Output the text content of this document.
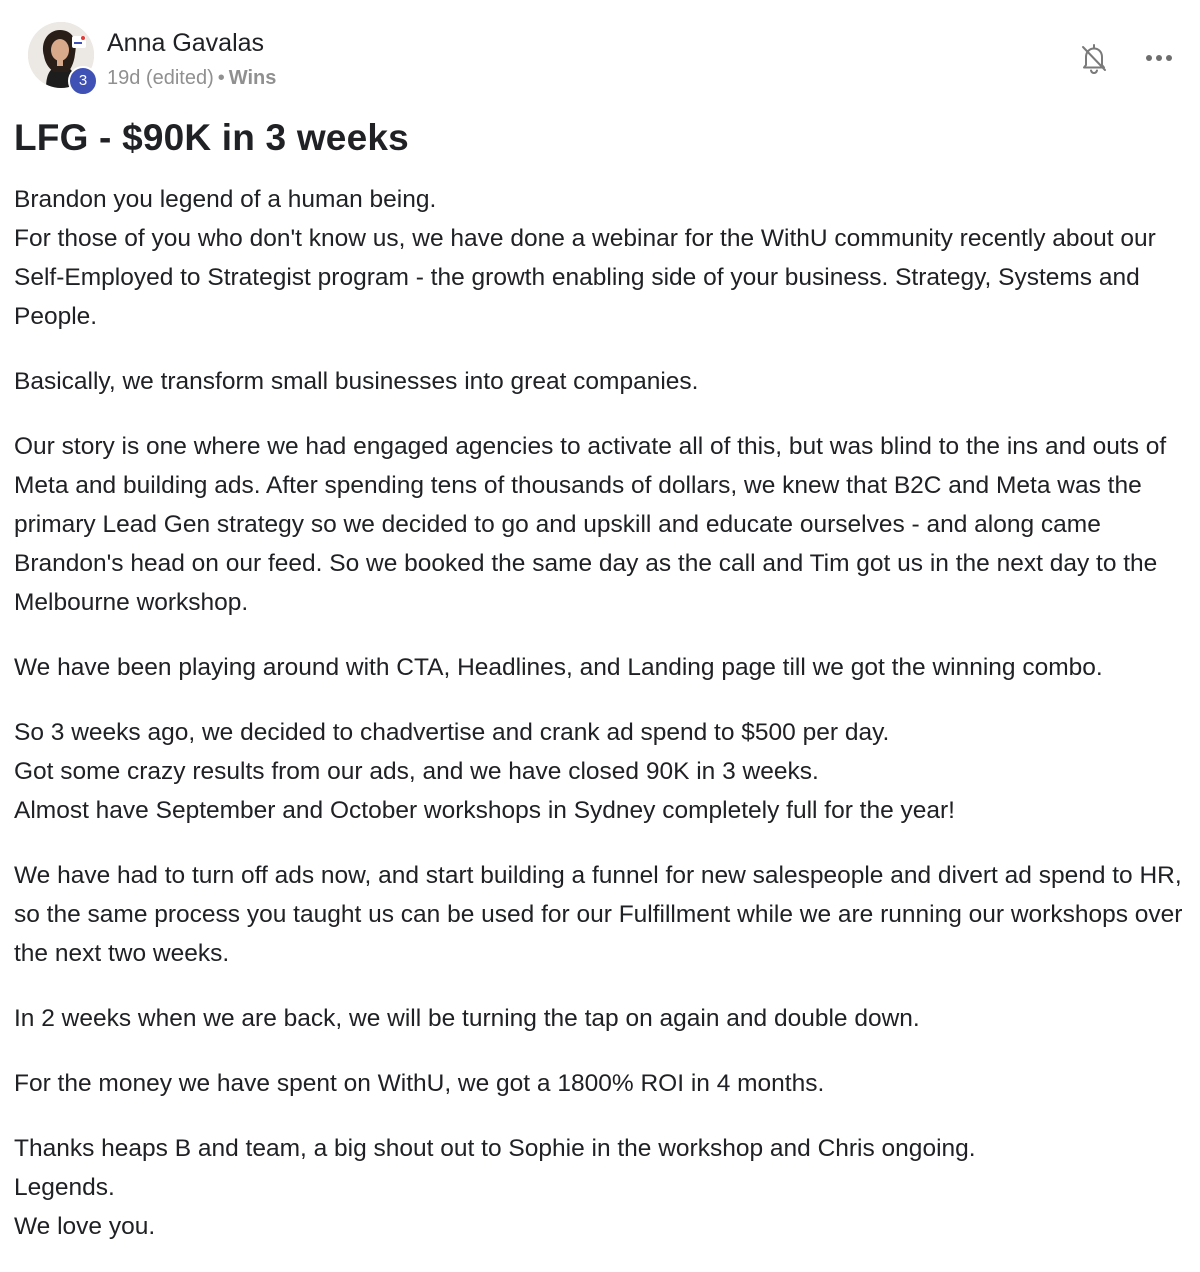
3
Anna Gavalas
19d (edited) • Wins
LFG - $90K in 3 weeks

Brandon you legend of a human being.
For those of you who don't know us, we have done a webinar for the WithU community recently about our Self-Employed to Strategist program - the growth enabling side of your business. Strategy, Systems and People.

Basically, we transform small businesses into great companies.

Our story is one where we had engaged agencies to activate all of this, but was blind to the ins and outs of Meta and building ads. After spending tens of thousands of dollars, we knew that B2C and Meta was the primary Lead Gen strategy so we decided to go and upskill and educate ourselves - and along came Brandon's head on our feed. So we booked the same day as the call and Tim got us in the next day to the Melbourne workshop.

We have been playing around with CTA, Headlines, and Landing page till we got the winning combo.

So 3 weeks ago, we decided to chadvertise and crank ad spend to $500 per day.
Got some crazy results from our ads, and we have closed 90K in 3 weeks.
Almost have September and October workshops in Sydney completely full for the year!

We have had to turn off ads now, and start building a funnel for new salespeople and divert ad spend to HR, so the same process you taught us can be used for our Fulfillment while we are running our workshops over the next two weeks.

In 2 weeks when we are back, we will be turning the tap on again and double down.

For the money we have spent on WithU, we got a 1800% ROI in 4 months.

Thanks heaps B and team, a big shout out to Sophie in the workshop and Chris ongoing.
Legends.
We love you.
